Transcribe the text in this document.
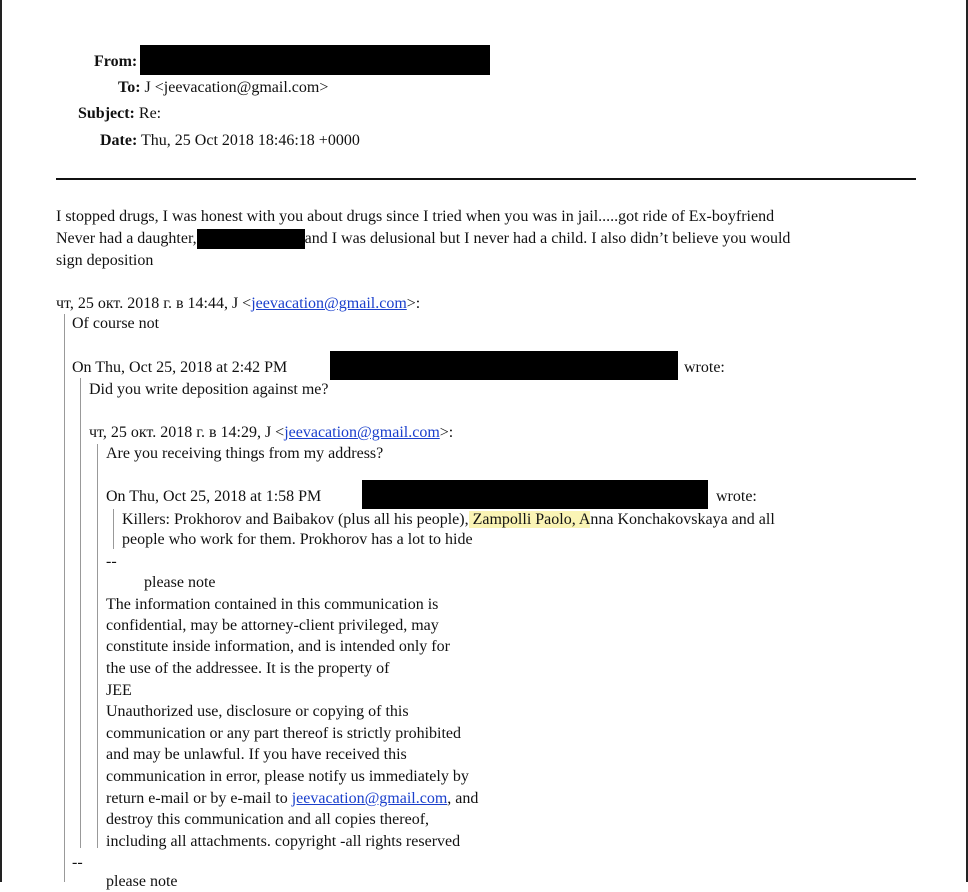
From:
To: J <jeevacation@gmail.com>
Subject: Re:
Date: Thu, 25 Oct 2018 18:46:18 +0000
I stopped drugs, I was honest with you about drugs since I tried when you was in jail.....got ride of Ex-boyfriend
Never had a daughter,	and I was delusional but I never had a child. I also didn’t believe you would
sign deposition
чт, 25 окт. 2018 г. в 14:44, J <jeevacation@gmail.com>:
Of course not
On Thu, Oct 25, 2018 at 2:42 PM	wrote:
Did you write deposition against me?
чт, 25 окт. 2018 г. в 14:29, J <jeevacation@gmail.com>:
Are you receiving things from my address?
On Thu, Oct 25, 2018 at 1:58 PM	wrote:
Killers: Prokhorov and Baibakov (plus all his people), Zampolli Paolo, Anna Konchakovskaya and all
people who work for them. Prokhorov has a lot to hide
--
please note
The information contained in this communication is
confidential, may be attorney-client privileged, may
constitute inside information, and is intended only for
the use of the addressee. It is the property of
JEE
Unauthorized use, disclosure or copying of this
communication or any part thereof is strictly prohibited
and may be unlawful. If you have received this
communication in error, please notify us immediately by
return e-mail or by e-mail to jeevacation@gmail.com, and
destroy this communication and all copies thereof,
including all attachments. copyright -all rights reserved
--
please note
